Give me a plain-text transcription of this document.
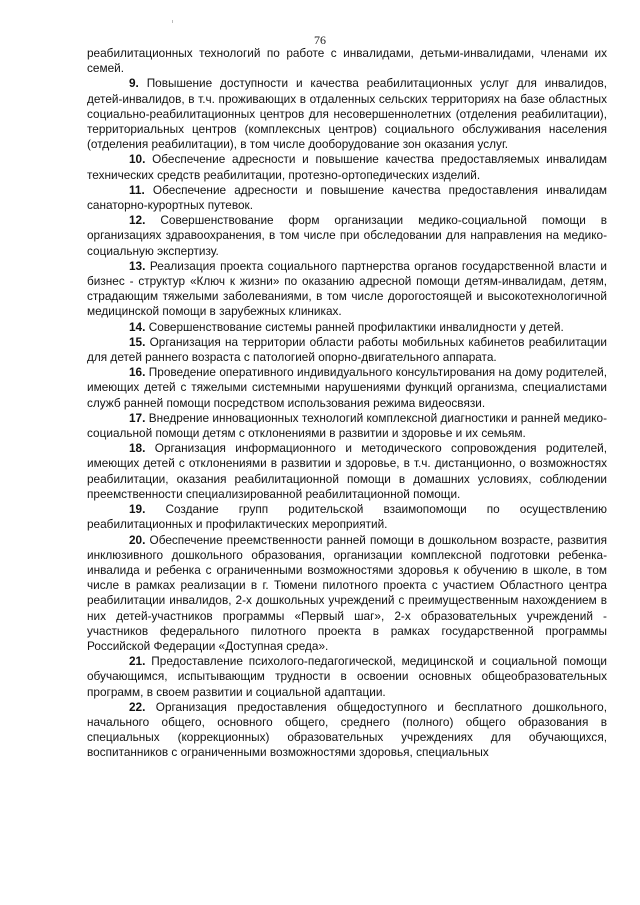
76

реабилитационных технологий по работе с инвалидами, детьми-инвалидами, членами их семей.

9. Повышение доступности и качества реабилитационных услуг для инвалидов, детей-инвалидов, в т.ч. проживающих в отдаленных сельских территориях на базе областных социально-реабилитационных центров для несовершеннолетних (отделения реабилитации), территориальных центров (комплексных центров) социального обслуживания населения (отделения реабилитации), в том числе дооборудование зон оказания услуг.

10. Обеспечение адресности и повышение качества предоставляемых инвалидам технических средств реабилитации, протезно-ортопедических изделий.

11. Обеспечение адресности и повышение качества предоставления инвалидам санаторно-курортных путевок.

12. Совершенствование форм организации медико-социальной помощи в организациях здравоохранения, в том числе при обследовании для направления на медико-социальную экспертизу.

13. Реализация проекта социального партнерства органов государственной власти и бизнес - структур «Ключ к жизни» по оказанию адресной помощи детям-инвалидам, детям, страдающим тяжелыми заболеваниями, в том числе дорогостоящей и высокотехнологичной медицинской помощи в зарубежных клиниках.

14. Совершенствование системы ранней профилактики инвалидности у детей.

15. Организация на территории области работы мобильных кабинетов реабилитации для детей раннего возраста с патологией опорно-двигательного аппарата.

16. Проведение оперативного индивидуального консультирования на дому родителей, имеющих детей с тяжелыми системными нарушениями функций организма, специалистами служб ранней помощи посредством использования режима видеосвязи.

17. Внедрение инновационных технологий комплексной диагностики и ранней медико-социальной помощи детям с отклонениями в развитии и здоровье и их семьям.

18. Организация информационного и методического сопровождения родителей, имеющих детей с отклонениями в развитии и здоровье, в т.ч. дистанционно, о возможностях реабилитации, оказания реабилитационной помощи в домашних условиях, соблюдении преемственности специализированной реабилитационной помощи.

19. Создание групп родительской взаимопомощи по осуществлению реабилитационных и профилактических мероприятий.

20. Обеспечение преемственности ранней помощи в дошкольном возрасте, развития инклюзивного дошкольного образования, организации комплексной подготовки ребенка-инвалида и ребенка с ограниченными возможностями здоровья к обучению в школе, в том числе в рамках реализации в г. Тюмени пилотного проекта с участием Областного центра реабилитации инвалидов, 2-х дошкольных учреждений с преимущественным нахождением в них детей-участников программы «Первый шаг», 2-х образовательных учреждений - участников федерального пилотного проекта в рамках государственной программы Российской Федерации «Доступная среда».

21. Предоставление психолого-педагогической, медицинской и социальной помощи обучающимся, испытывающим трудности в освоении основных общеобразовательных программ, в своем развитии и социальной адаптации.

22. Организация предоставления общедоступного и бесплатного дошкольного, начального общего, основного общего, среднего (полного) общего образования в специальных (коррекционных) образовательных учреждениях для обучающихся, воспитанников с ограниченными возможностями здоровья, специальных
